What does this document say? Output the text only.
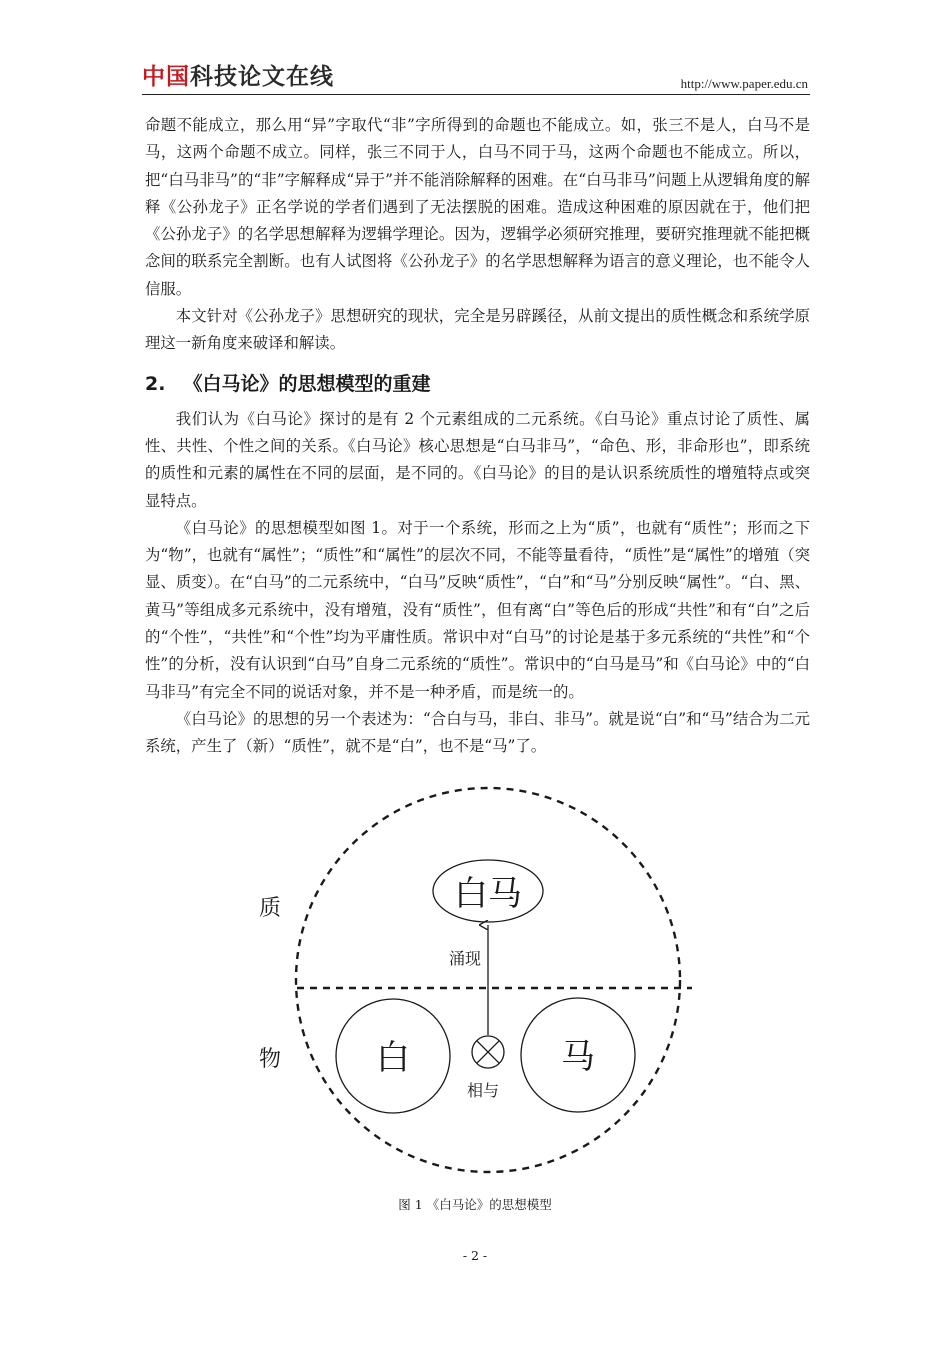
中国科技论文在线	http://www.paper.edu.cn

命题不能成立，那么用“异”字取代“非”字所得到的命题也不能成立。如，张三不是人，白马不是马，这两个命题不成立。同样，张三不同于人，白马不同于马，这两个命题也不能成立。所以，把“白马非马”的“非”字解释成“异于”并不能消除解释的困难。在“白马非马”问题上从逻辑角度的解释《公孙龙子》正名学说的学者们遇到了无法摆脱的困难。造成这种困难的原因就在于，他们把《公孙龙子》的名学思想解释为逻辑学理论。因为，逻辑学必须研究推理，要研究推理就不能把概念间的联系完全割断。也有人试图将《公孙龙子》的名学思想解释为语言的意义理论，也不能令人信服。

本文针对《公孙龙子》思想研究的现状，完全是另辟蹊径，从前文提出的质性概念和系统学原理这一新角度来破译和解读。

2. 《白马论》的思想模型的重建

我们认为《白马论》探讨的是有 2 个元素组成的二元系统。《白马论》重点讨论了质性、属性、共性、个性之间的关系。《白马论》核心思想是“白马非马”，“命色、形，非命形也”，即系统的质性和元素的属性在不同的层面，是不同的。《白马论》的目的是认识系统质性的增殖特点或突显特点。

《白马论》的思想模型如图 1。对于一个系统，形而之上为“质”，也就有“质性”；形而之下为“物”，也就有“属性”；“质性”和“属性”的层次不同，不能等量看待，“质性”是“属性”的增殖（突显、质变）。在“白马”的二元系统中，“白马”反映“质性”，“白”和“马”分别反映“属性”。“白、黑、黄马”等组成多元系统中，没有增殖，没有“质性”，但有离“白”等色后的形成“共性”和有“白”之后的“个性”，“共性”和“个性”均为平庸性质。常识中对“白马”的讨论是基于多元系统的“共性”和“个性”的分析，没有认识到“白马”自身二元系统的“质性”。常识中的“白马是马”和《白马论》中的“白马非马”有完全不同的说话对象，并不是一种矛盾，而是统一的。

《白马论》的思想的另一个表述为：“合白与马，非白、非马”。就是说“白”和“马”结合为二元系统，产生了（新）“质性”，就不是“白”，也不是“马”了。

白马
涌现
白	马
相与
质
物
图 1 《白马论》的思想模型
- 2 -
